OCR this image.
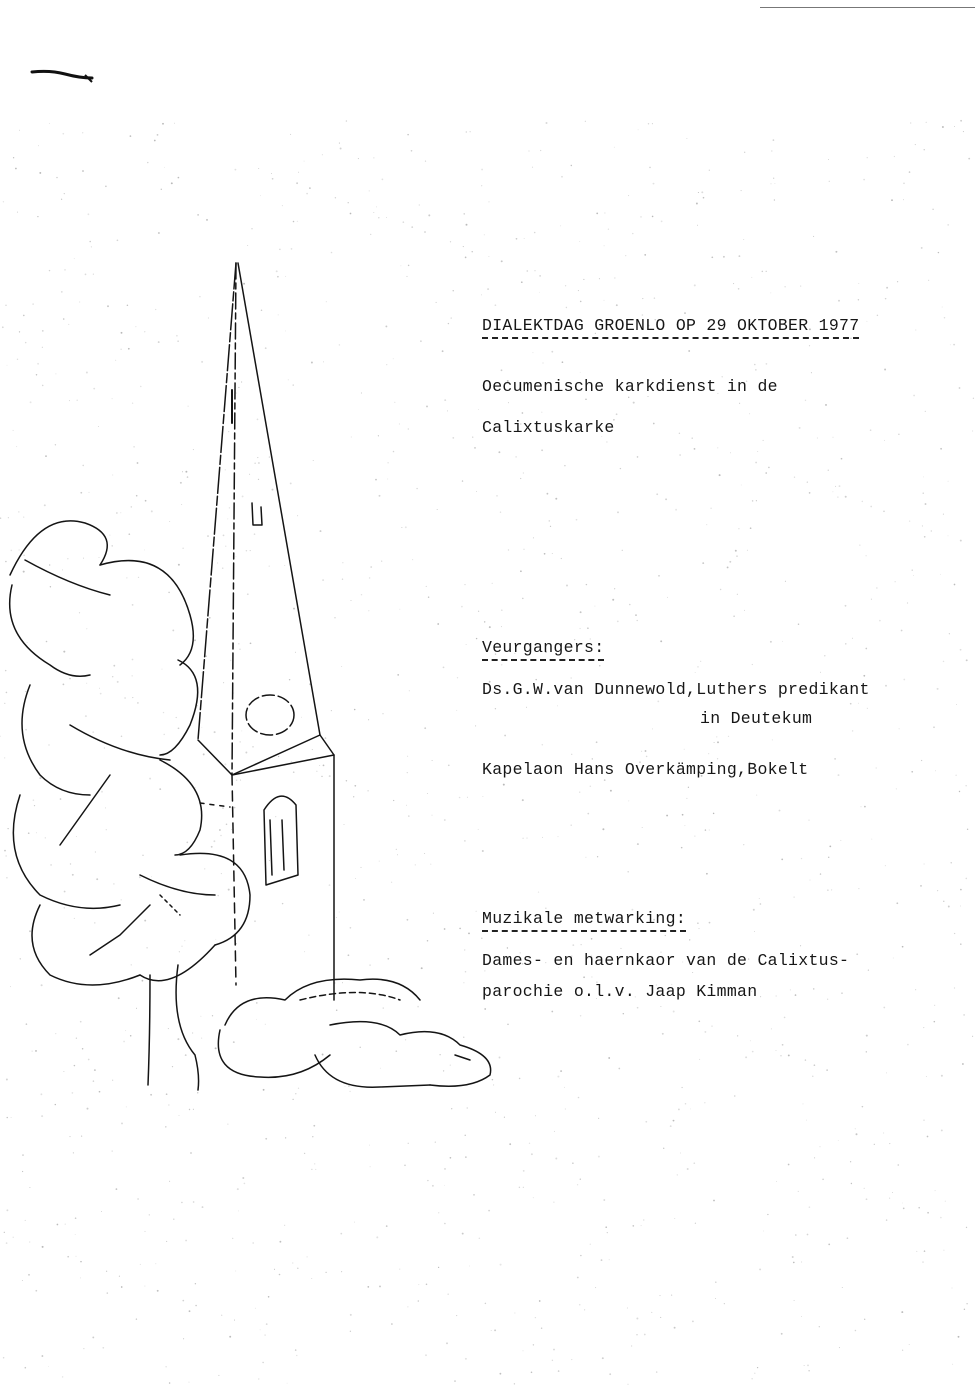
DIALEKTDAG GROENLO OP 29 OKTOBER 1977
Oecumenische karkdienst in de
Calixtuskarke
Veurgangers:
Ds.G.W.van Dunnewold,Luthers predikant
in Deutekum
Kapelaon Hans Overkämping,Bokelt
Muzikale metwarking:
Dames- en haernkaor van de Calixtus-
parochie o.l.v. Jaap Kimman
